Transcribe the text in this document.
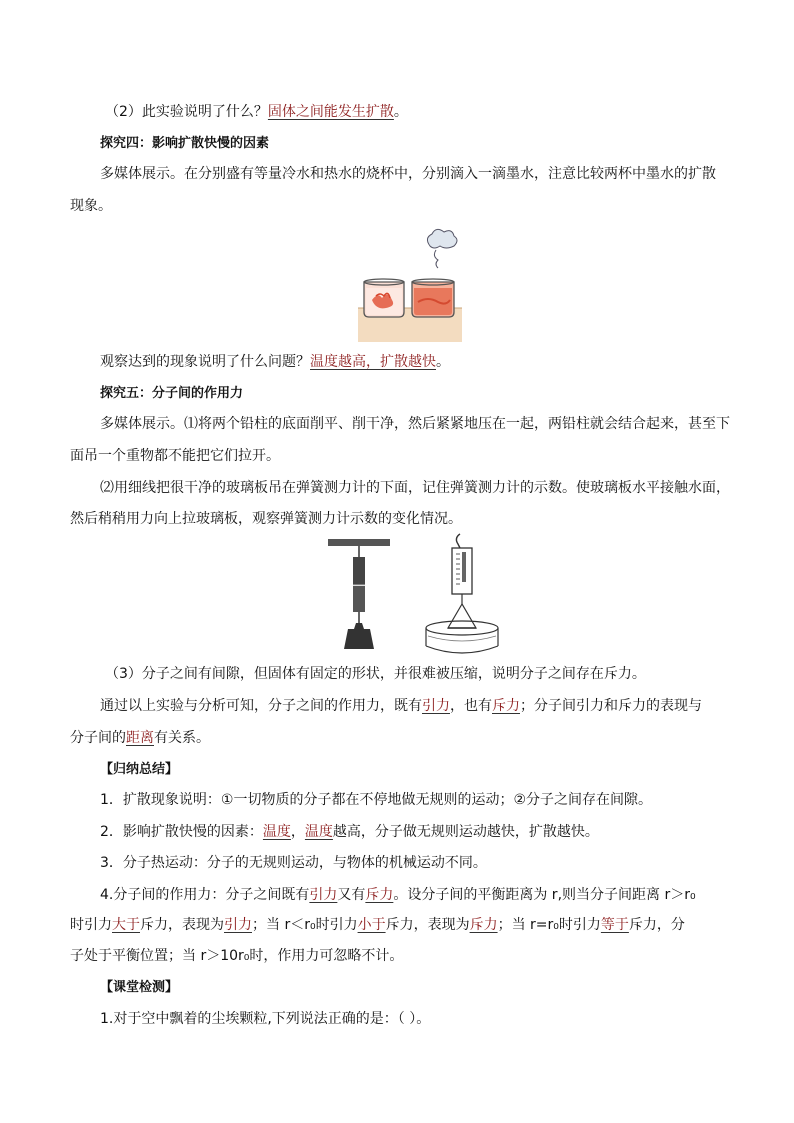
（2）此实验说明了什么？固体之间能发生扩散。
探究四：影响扩散快慢的因素
多媒体展示。在分别盛有等量冷水和热水的烧杯中，分别滴入一滴墨水，注意比较两杯中墨水的扩散
现象。
观察达到的现象说明了什么问题？温度越高，扩散越快。
探究五：分子间的作用力
多媒体展示。⑴将两个铅柱的底面削平、削干净，然后紧紧地压在一起，两铅柱就会结合起来，甚至下
面吊一个重物都不能把它们拉开。
⑵用细线把很干净的玻璃板吊在弹簧测力计的下面，记住弹簧测力计的示数。使玻璃板水平接触水面，
然后稍稍用力向上拉玻璃板，观察弹簧测力计示数的变化情况。
（3）分子之间有间隙，但固体有固定的形状，并很难被压缩，说明分子之间存在斥力。
通过以上实验与分析可知，分子之间的作用力，既有引力，也有斥力；分子间引力和斥力的表现与
分子间的距离有关系。
【归纳总结】
1．扩散现象说明：①一切物质的分子都在不停地做无规则的运动；②分子之间存在间隙。
2．影响扩散快慢的因素：温度，温度越高，分子做无规则运动越快，扩散越快。
3．分子热运动：分子的无规则运动，与物体的机械运动不同。
4.分子间的作用力：分子之间既有引力又有斥力。设分子间的平衡距离为 r,则当分子间距离 r＞r₀
时引力大于斥力，表现为引力；当 r＜r₀时引力小于斥力，表现为斥力；当 r=r₀时引力等于斥力，分
子处于平衡位置；当 r＞10r₀时，作用力可忽略不计。
【课堂检测】
1.对于空中飘着的尘埃颗粒,下列说法正确的是：（ ）。
